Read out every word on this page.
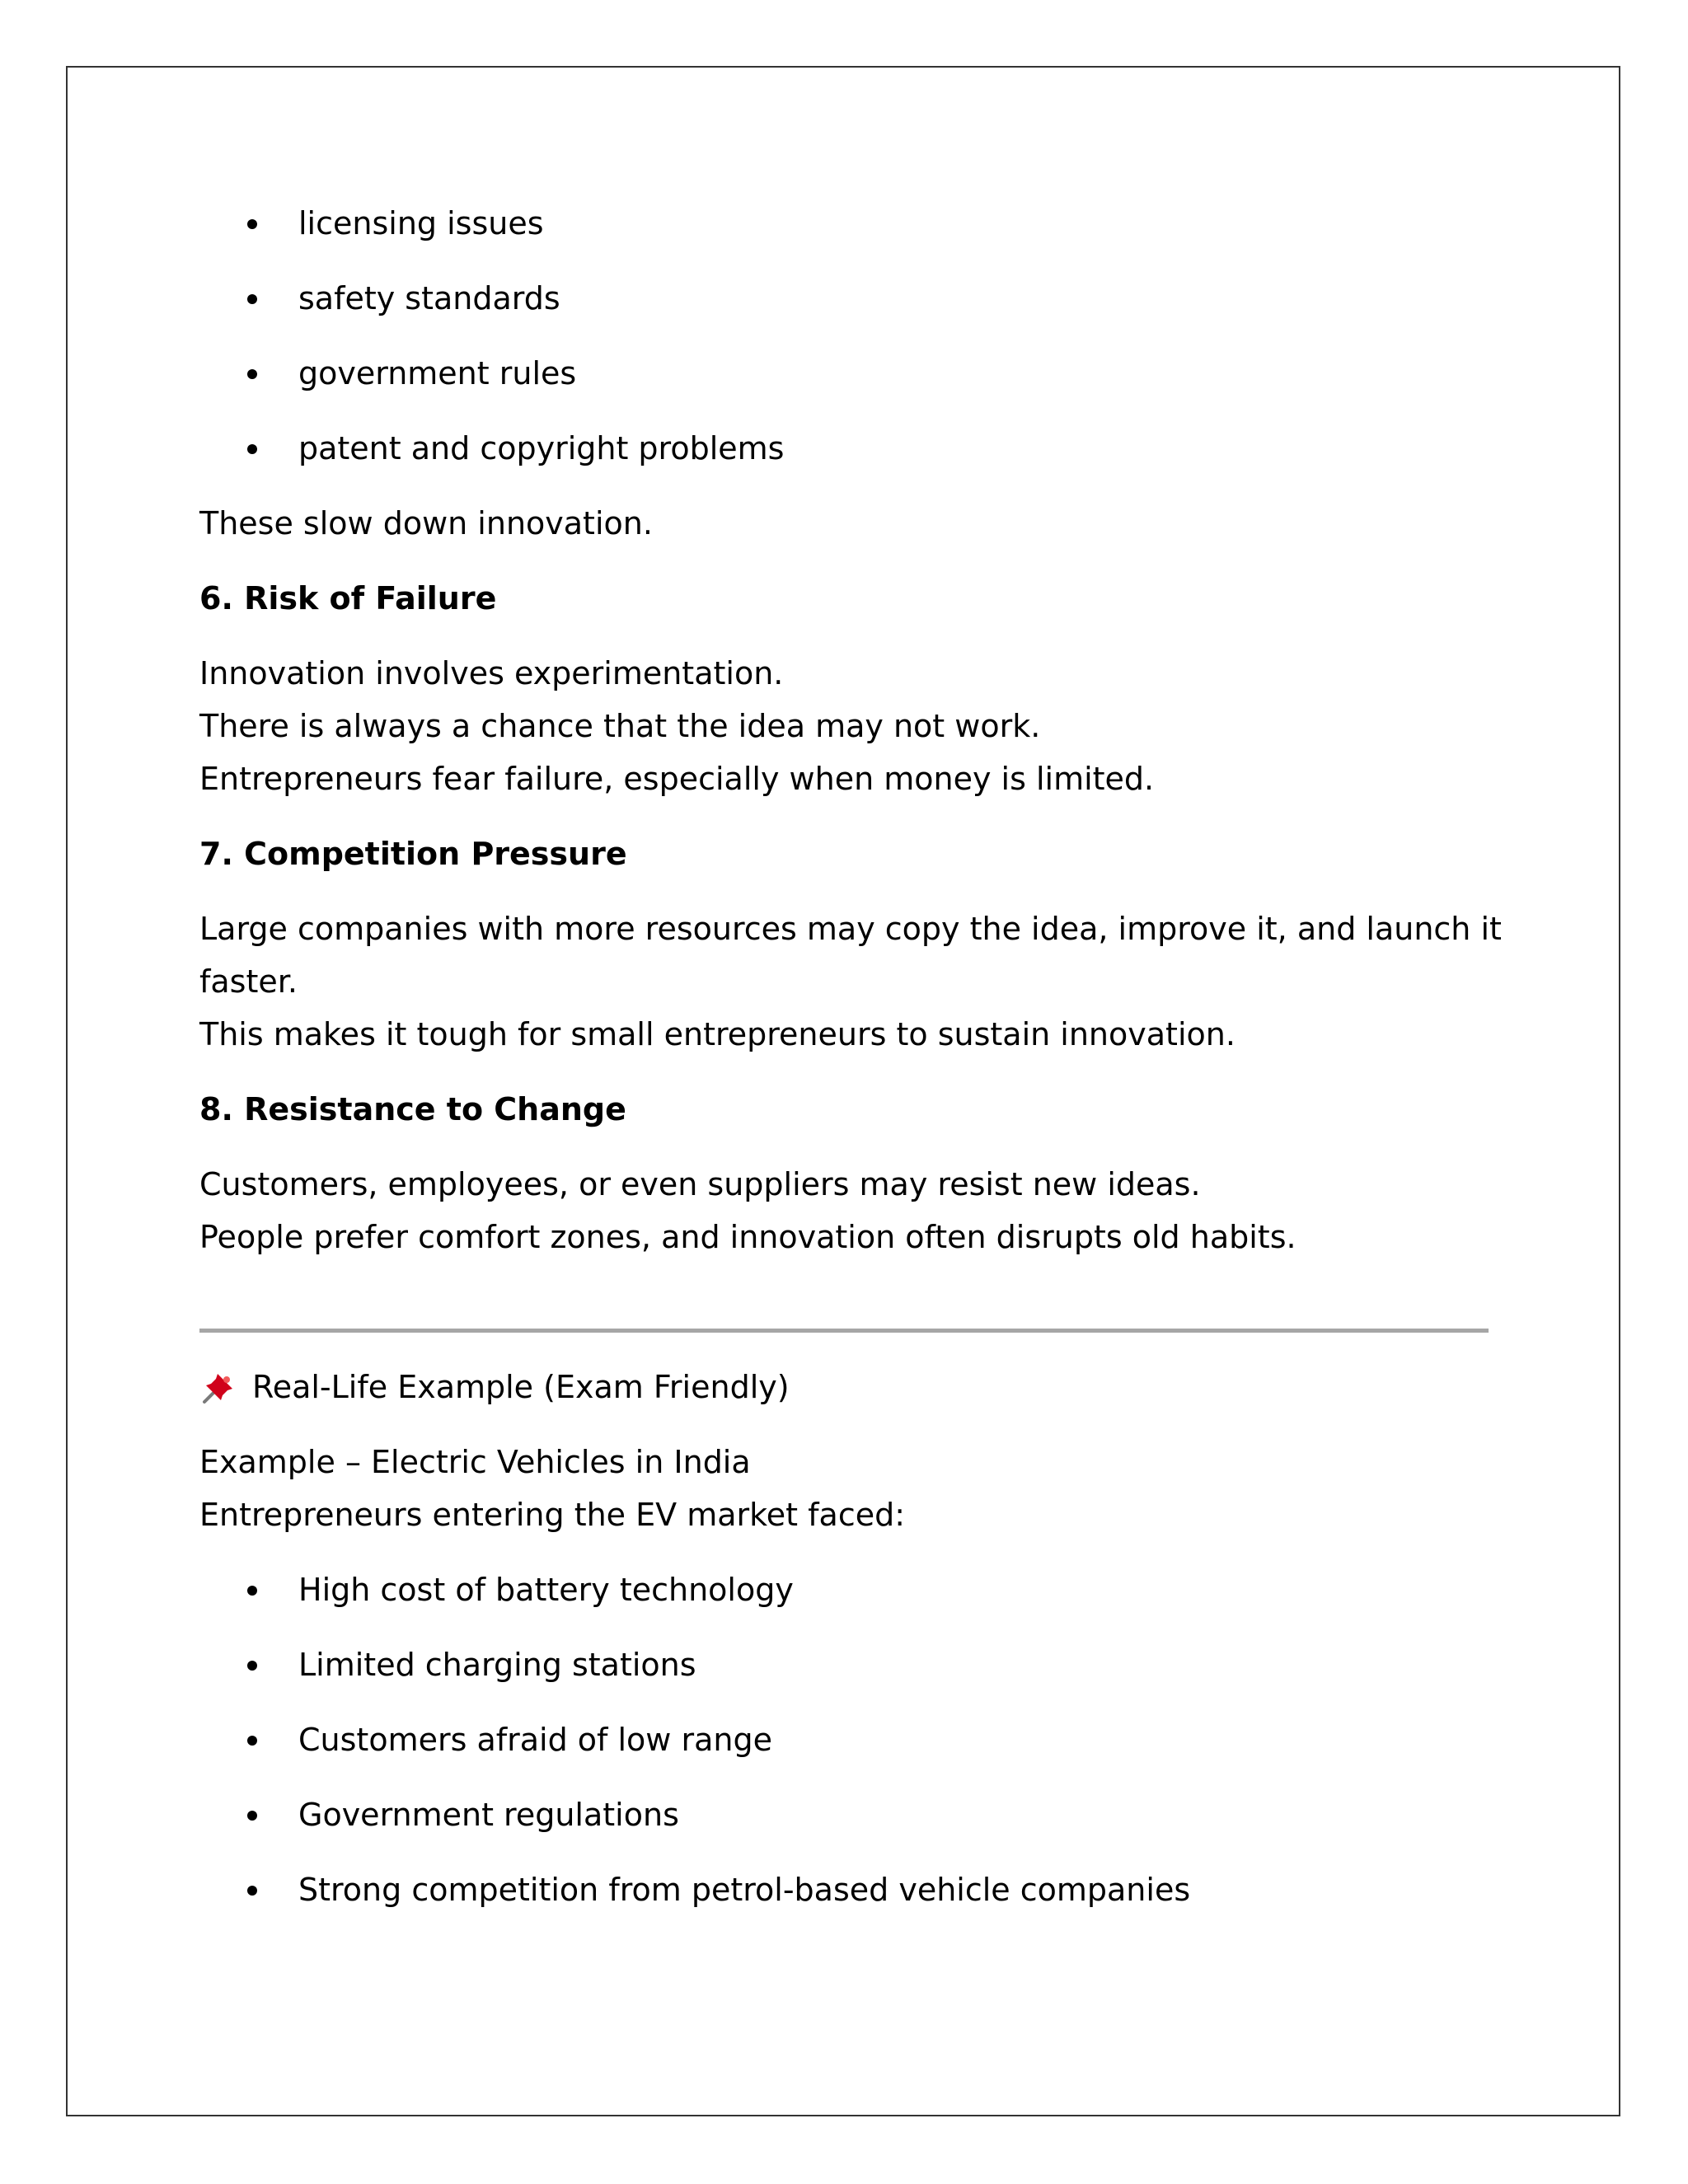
licensing issues
safety standards
government rules
patent and copyright problems
These slow down innovation.
6. Risk of Failure
Innovation involves experimentation.
There is always a chance that the idea may not work.
Entrepreneurs fear failure, especially when money is limited.
7. Competition Pressure
Large companies with more resources may copy the idea, improve it, and launch it
faster.
This makes it tough for small entrepreneurs to sustain innovation.
8. Resistance to Change
Customers, employees, or even suppliers may resist new ideas.
People prefer comfort zones, and innovation often disrupts old habits.
Real-Life Example (Exam Friendly)
Example – Electric Vehicles in India
Entrepreneurs entering the EV market faced:
High cost of battery technology
Limited charging stations
Customers afraid of low range
Government regulations
Strong competition from petrol-based vehicle companies
